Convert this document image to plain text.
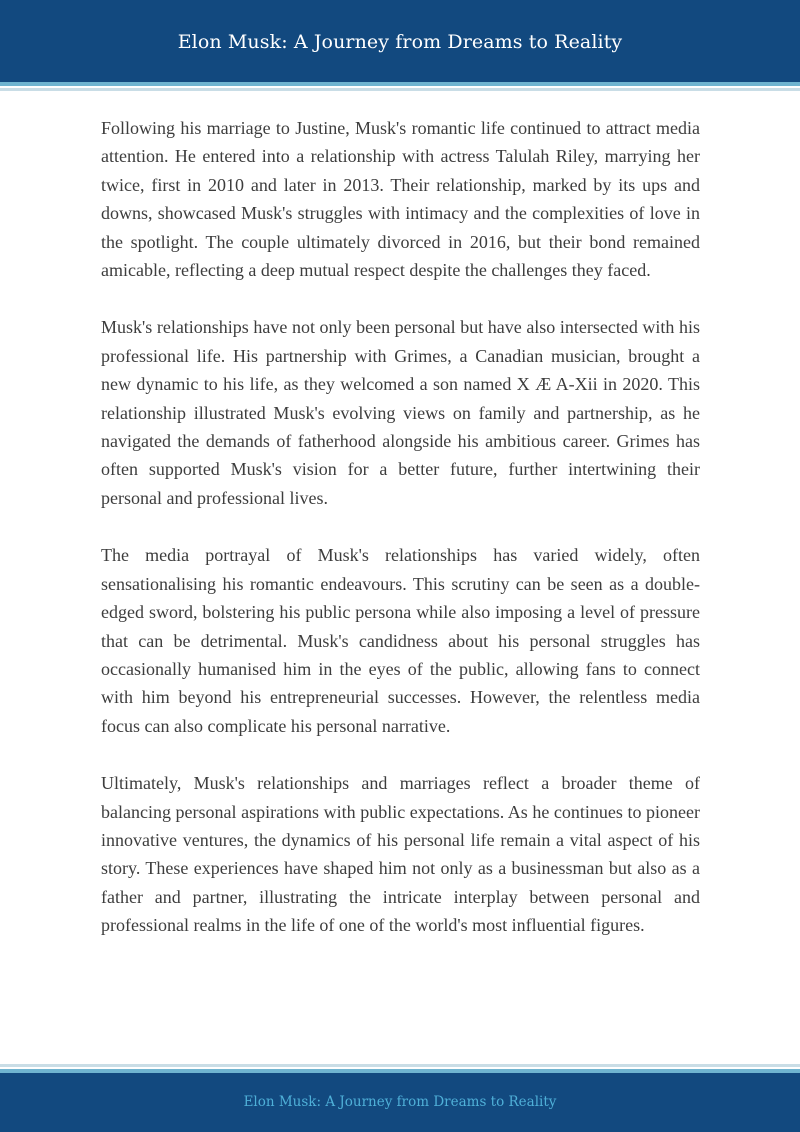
Elon Musk: A Journey from Dreams to Reality

Following his marriage to Justine, Musk's romantic life continued to attract media attention. He entered into a relationship with actress Talulah Riley, marrying her twice, first in 2010 and later in 2013. Their relationship, marked by its ups and downs, showcased Musk's struggles with intimacy and the complexities of love in the spotlight. The couple ultimately divorced in 2016, but their bond remained amicable, reflecting a deep mutual respect despite the challenges they faced.

Musk's relationships have not only been personal but have also intersected with his professional life. His partnership with Grimes, a Canadian musician, brought a new dynamic to his life, as they welcomed a son named X Æ A-Xii in 2020. This relationship illustrated Musk's evolving views on family and partnership, as he navigated the demands of fatherhood alongside his ambitious career. Grimes has often supported Musk's vision for a better future, further intertwining their personal and professional lives.

The media portrayal of Musk's relationships has varied widely, often sensationalising his romantic endeavours. This scrutiny can be seen as a double-edged sword, bolstering his public persona while also imposing a level of pressure that can be detrimental. Musk's candidness about his personal struggles has occasionally humanised him in the eyes of the public, allowing fans to connect with him beyond his entrepreneurial successes. However, the relentless media focus can also complicate his personal narrative.

Ultimately, Musk's relationships and marriages reflect a broader theme of balancing personal aspirations with public expectations. As he continues to pioneer innovative ventures, the dynamics of his personal life remain a vital aspect of his story. These experiences have shaped him not only as a businessman but also as a father and partner, illustrating the intricate interplay between personal and professional realms in the life of one of the world's most influential figures.

Elon Musk: A Journey from Dreams to Reality
